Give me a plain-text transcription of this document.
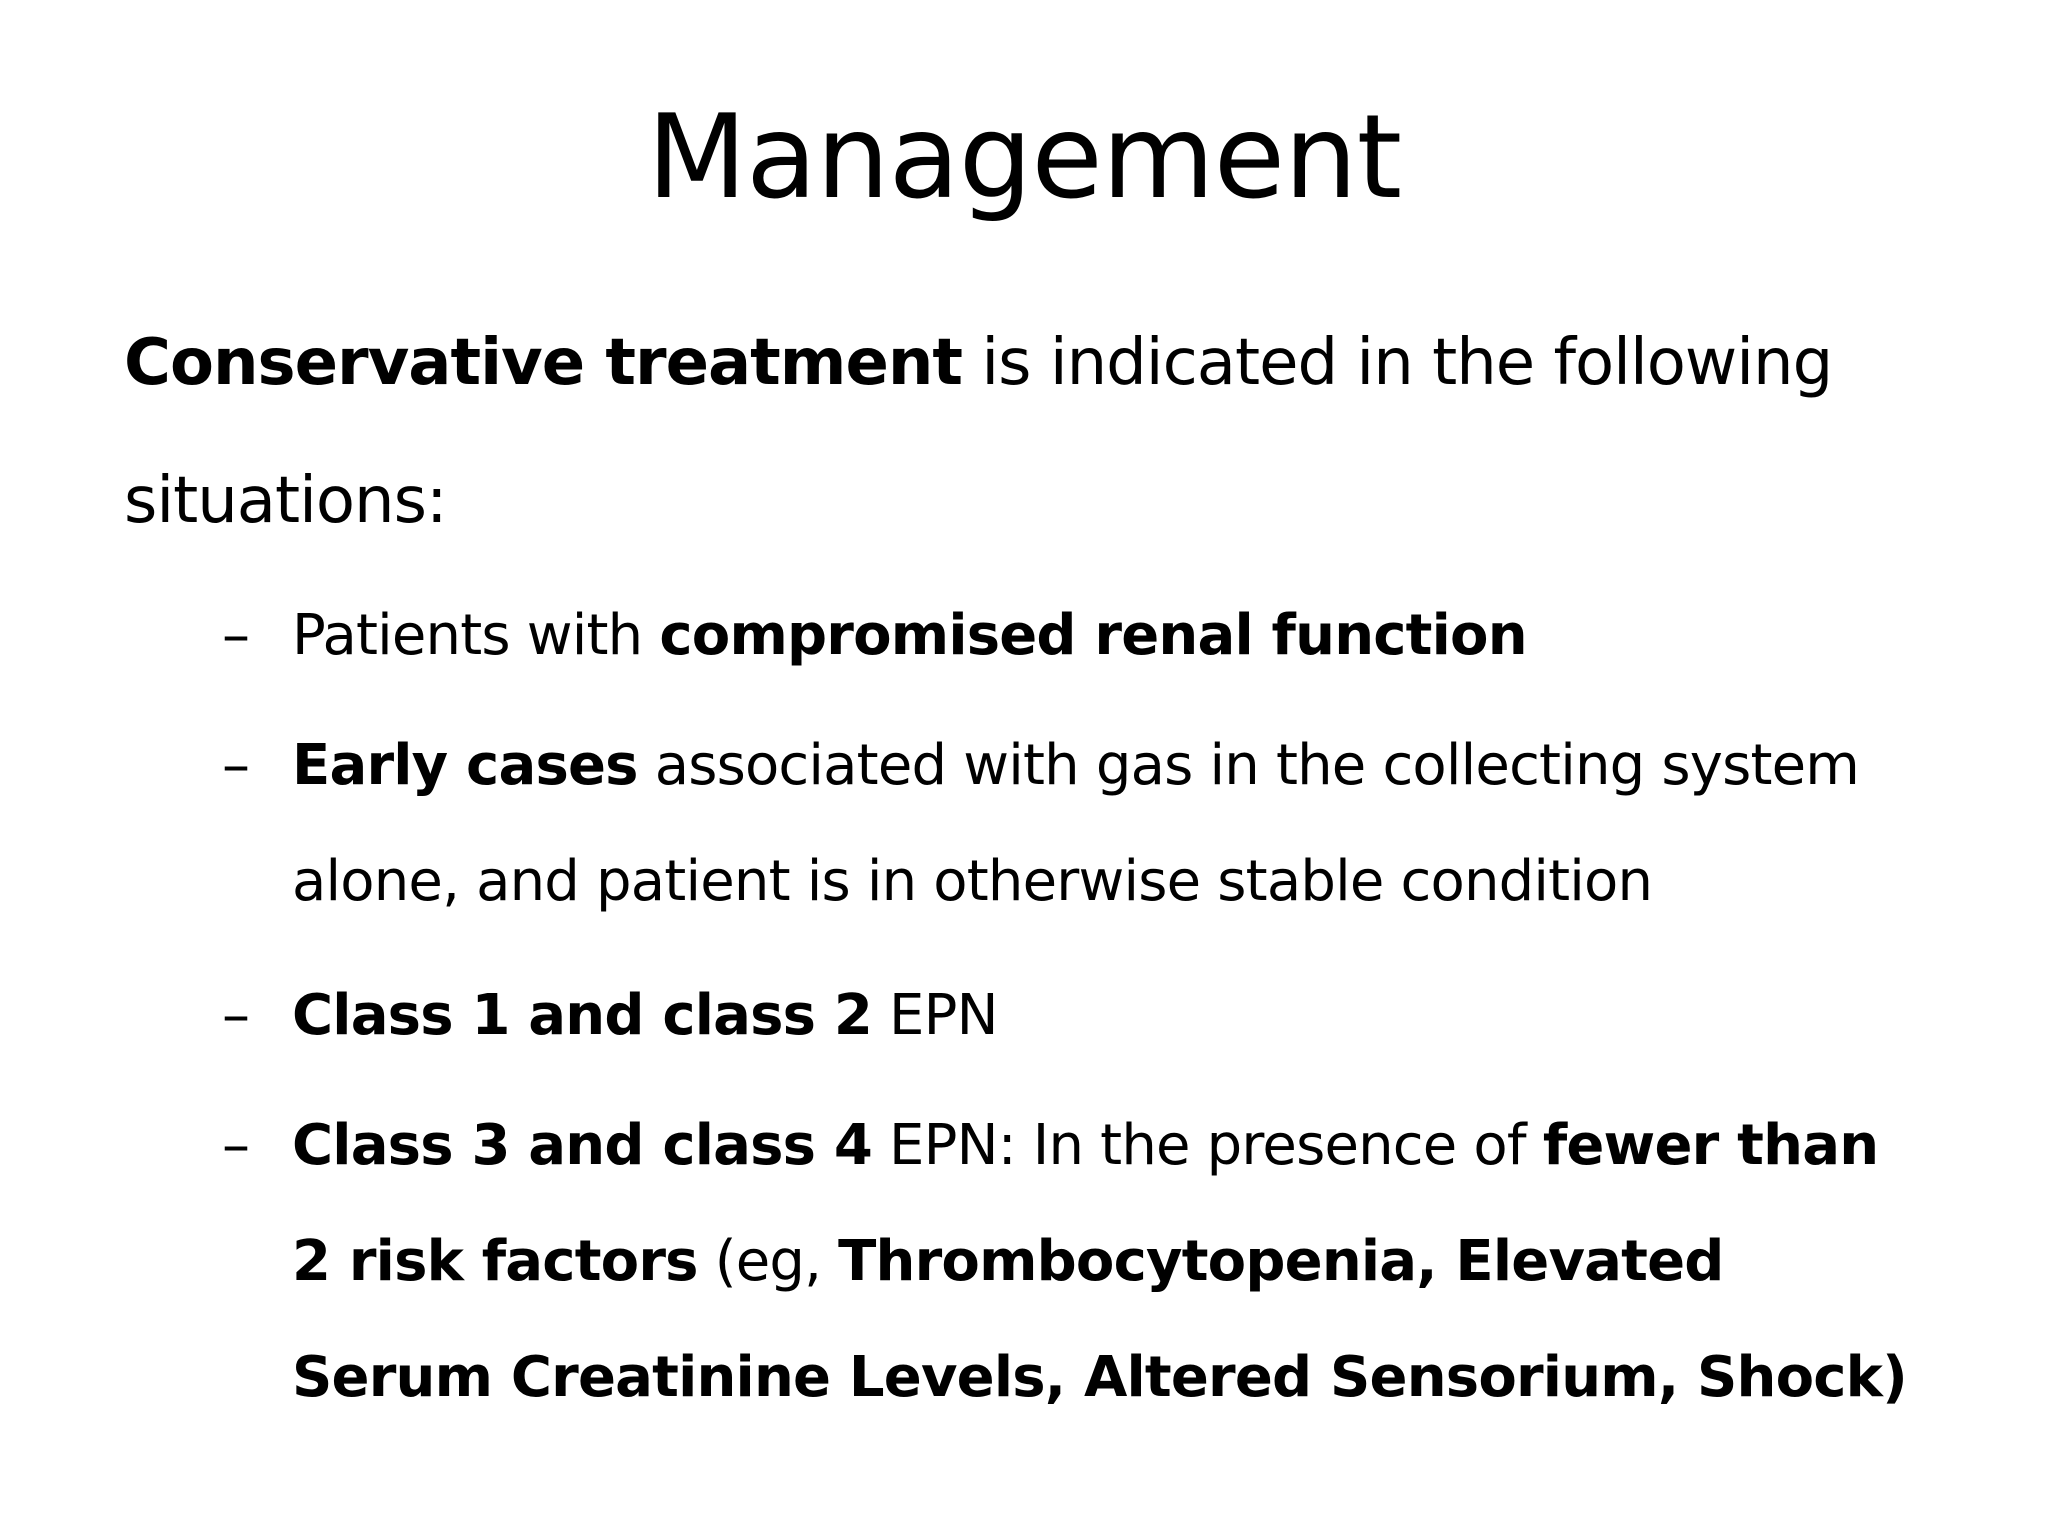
Management
Conservative treatment is indicated in the following
situations:
– Patients with compromised renal function
– Early cases associated with gas in the collecting system alone, and patient is in otherwise stable condition
– Class 1 and class 2 EPN
– Class 3 and class 4 EPN: In the presence of fewer than 2 risk factors (eg, Thrombocytopenia, Elevated Serum Creatinine Levels, Altered Sensorium, Shock)
